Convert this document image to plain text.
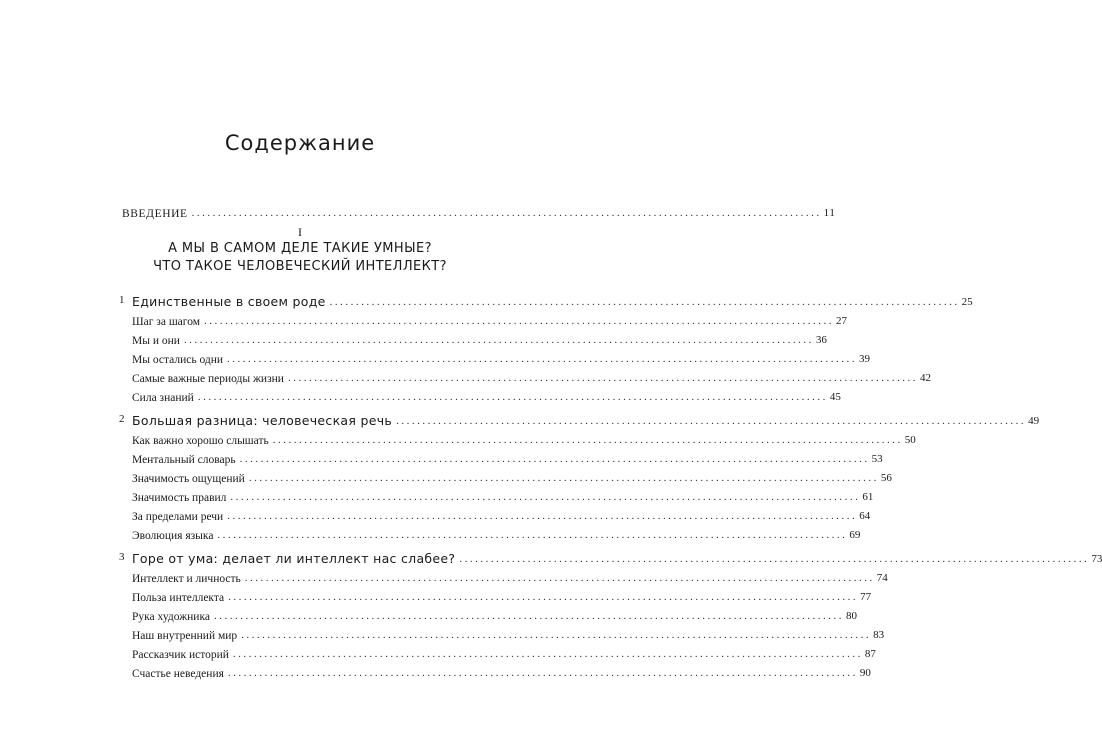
Содержание
ВВЕДЕНИЕ ........................................................................................................................ 11
I
А МЫ В САМОМ ДЕЛЕ ТАКИЕ УМНЫЕ?
ЧТО ТАКОЕ ЧЕЛОВЕЧЕСКИЙ ИНТЕЛЛЕКТ?
1 Единственные в своем роде ........................................................................................................................ 25
Шаг за шагом ........................................................................................................................ 27
Мы и они ........................................................................................................................ 36
Мы остались одни ........................................................................................................................ 39
Самые важные периоды жизни ........................................................................................................................ 42
Сила знаний ........................................................................................................................ 45
2 Большая разница: человеческая речь ........................................................................................................................ 49
Как важно хорошо слышать ........................................................................................................................ 50
Ментальный словарь ........................................................................................................................ 53
Значимость ощущений ........................................................................................................................ 56
Значимость правил ........................................................................................................................ 61
За пределами речи ........................................................................................................................ 64
Эволюция языка ........................................................................................................................ 69
3 Горе от ума: делает ли интеллект нас слабее? ........................................................................................................................ 73
Интеллект и личность ........................................................................................................................ 74
Польза интеллекта ........................................................................................................................ 77
Рука художника ........................................................................................................................ 80
Наш внутренний мир ........................................................................................................................ 83
Рассказчик историй ........................................................................................................................ 87
Счастье неведения ........................................................................................................................ 90
